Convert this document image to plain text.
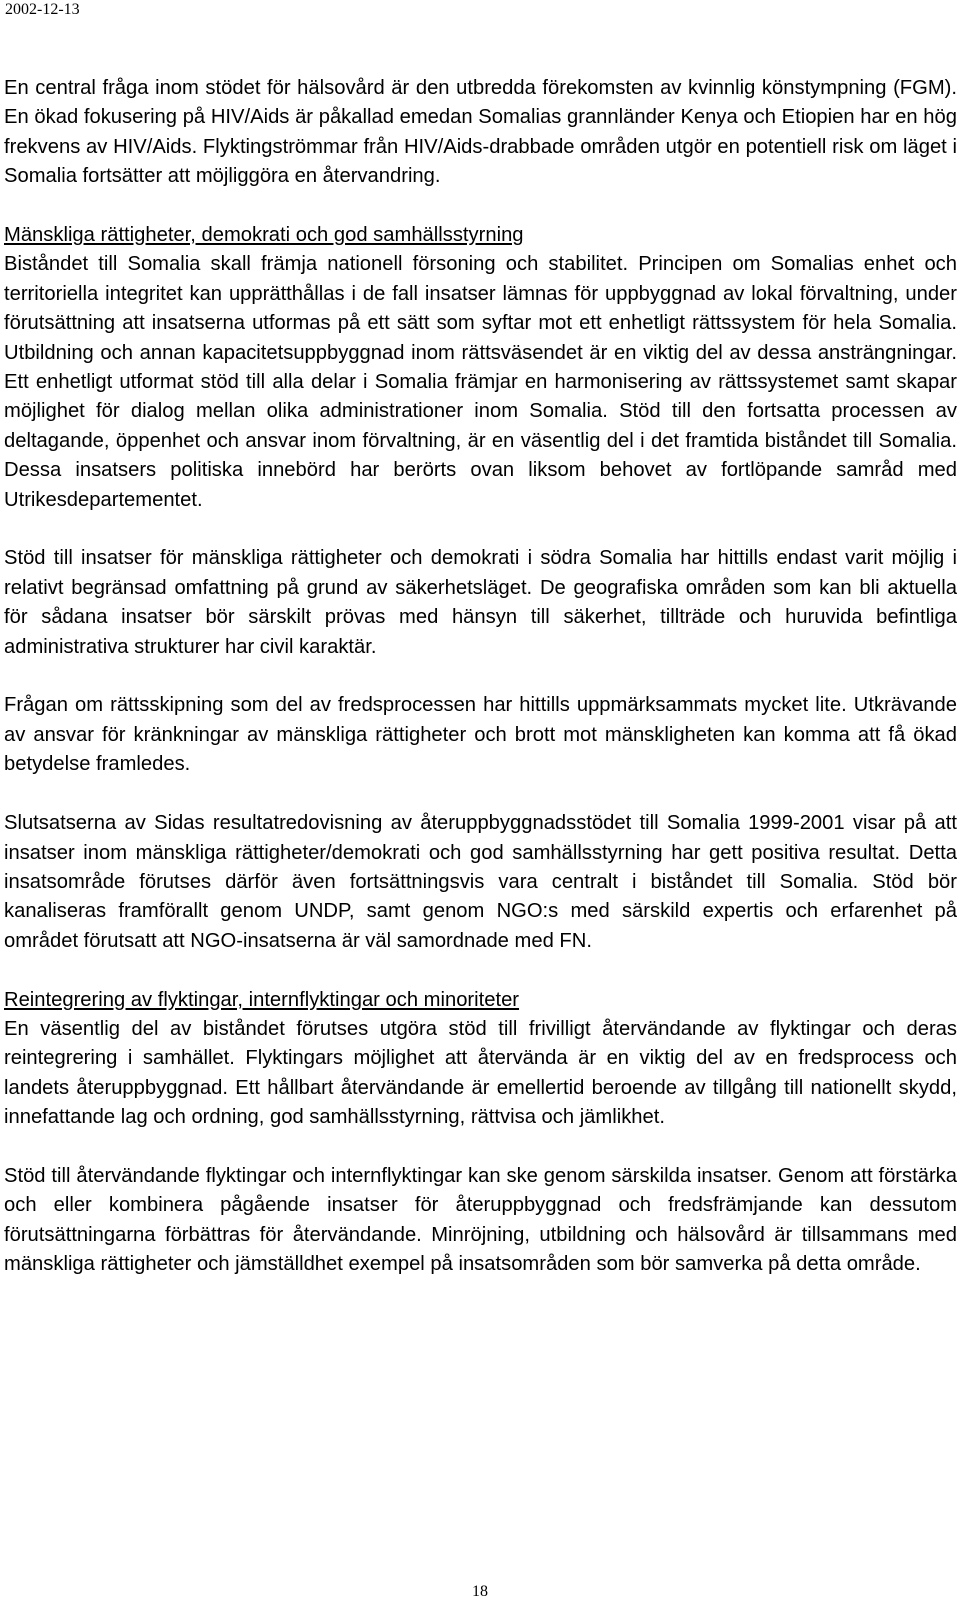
2002-12-13

En central fråga inom stödet för hälsovård är den utbredda förekomsten av kvinnlig könstympning (FGM). En ökad fokusering på HIV/Aids är påkallad emedan Somalias grannländer Kenya och Etiopien har en hög frekvens av HIV/Aids. Flyktingströmmar från HIV/Aids-drabbade områden utgör en potentiell risk om läget i Somalia fortsätter att möjliggöra en återvandring.

Mänskliga rättigheter, demokrati och god samhällsstyrning

Biståndet till Somalia skall främja nationell försoning och stabilitet. Principen om Somalias enhet och territoriella integritet kan upprätthållas i de fall insatser lämnas för uppbyggnad av lokal förvaltning, under förutsättning att insatserna utformas på ett sätt som syftar mot ett enhetligt rättssystem för hela Somalia. Utbildning och annan kapacitetsuppbyggnad inom rättsväsendet är en viktig del av dessa ansträngningar. Ett enhetligt utformat stöd till alla delar i Somalia främjar en harmonisering av rättssystemet samt skapar möjlighet för dialog mellan olika administrationer inom Somalia. Stöd till den fortsatta processen av deltagande, öppenhet och ansvar inom förvaltning, är en väsentlig del i det framtida biståndet till Somalia. Dessa insatsers politiska innebörd har berörts ovan liksom behovet av fortlöpande samråd med Utrikesdepartementet.

Stöd till insatser för mänskliga rättigheter och demokrati i södra Somalia har hittills endast varit möjlig i relativt begränsad omfattning på grund av säkerhetsläget. De geografiska områden som kan bli aktuella för sådana insatser bör särskilt prövas med hänsyn till säkerhet, tillträde och huruvida befintliga administrativa strukturer har civil karaktär.

Frågan om rättsskipning som del av fredsprocessen har hittills uppmärksammats mycket lite. Utkrävande av ansvar för kränkningar av mänskliga rättigheter och brott mot mänskligheten kan komma att få ökad betydelse framledes.

Slutsatserna av Sidas resultatredovisning av återuppbyggnadsstödet till Somalia 1999-2001 visar på att insatser inom mänskliga rättigheter/demokrati och god samhällsstyrning har gett positiva resultat. Detta insatsområde förutses därför även fortsättningsvis vara centralt i biståndet till Somalia. Stöd bör kanaliseras framförallt genom UNDP, samt genom NGO:s med särskild expertis och erfarenhet på området förutsatt att NGO-insatserna är väl samordnade med FN.

Reintegrering av flyktingar, internflyktingar och minoriteter

En väsentlig del av biståndet förutses utgöra stöd till frivilligt återvändande av flyktingar och deras reintegrering i samhället. Flyktingars möjlighet att återvända är en viktig del av en fredsprocess och landets återuppbyggnad. Ett hållbart återvändande är emellertid beroende av tillgång till nationellt skydd, innefattande lag och ordning, god samhällsstyrning, rättvisa och jämlikhet.

Stöd till återvändande flyktingar och internflyktingar kan ske genom särskilda insatser. Genom att förstärka och eller kombinera pågående insatser för återuppbyggnad och fredsfrämjande kan dessutom förutsättningarna förbättras för återvändande. Minröjning, utbildning och hälsovård är tillsammans med mänskliga rättigheter och jämställdhet exempel på insatsområden som bör samverka på detta område.

18
